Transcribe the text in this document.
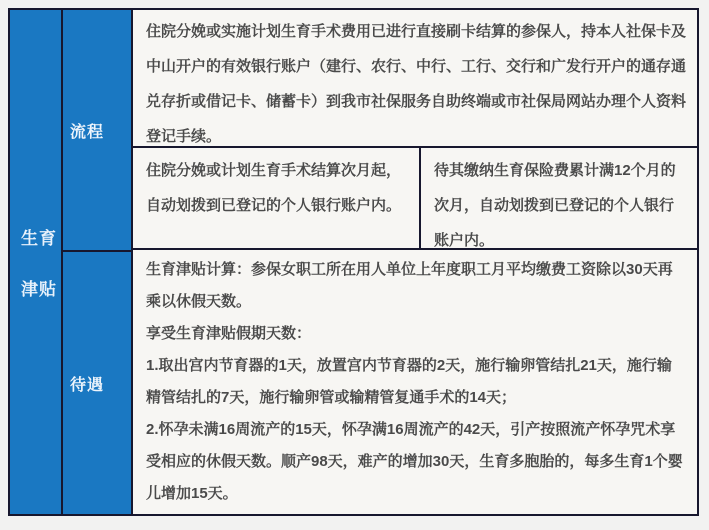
生育
津贴
流程
待遇
住院分娩或实施计划生育手术费用已进行直接刷卡结算的参保人，持本人社保卡及中山开户的有效银行账户（建行、农行、中行、工行、交行和广发行开户的通存通兑存折或借记卡、储蓄卡）到我市社保服务自助终端或市社保局网站办理个人资料登记手续。
住院分娩或计划生育手术结算次月起，自动划拨到已登记的个人银行账户内。
待其缴纳生育保险费累计满12个月的次月，自动划拨到已登记的个人银行账户内。

生育津贴计算：参保女职工所在用人单位上年度职工月平均缴费工资除以30天再乘以休假天数。

享受生育津贴假期天数：

1.取出宫内节育器的1天，放置宫内节育器的2天，施行输卵管结扎21天，施行输精管结扎的7天，施行输卵管或输精管复通手术的14天；

2.怀孕未满16周流产的15天，怀孕满16周流产的42天，引产按照流产怀孕咒术享受相应的休假天数。顺产98天，难产的增加30天，生育多胞胎的，每多生育1个婴儿增加15天。
